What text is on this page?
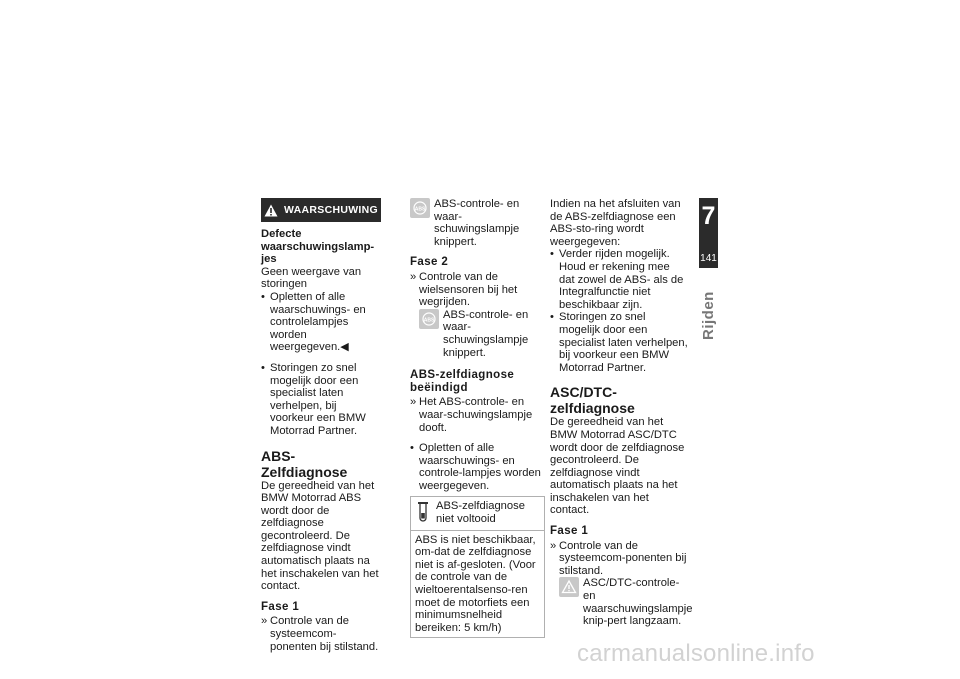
WAARSCHUWING

Defecte waarschuwingslamp-jes

Geen weergave van storingen

• Opletten of alle waarschuwings- en controlelampjes worden weergegeven.◀
• Storingen zo snel mogelijk door een specialist laten verhelpen, bij voorkeur een BMW Motorrad Partner.

ABS-Zelfdiagnose

De gereedheid van het BMW Motorrad ABS wordt door de zelfdiagnose gecontroleerd. De zelfdiagnose vindt automatisch plaats na het inschakelen van het contact.

Fase 1

» Controle van de systeemcom-ponenten bij stilstand.
ABS ABS-controle- en waar-schuwingslampje knippert.

Fase 2

» Controle van de wielsensoren bij het wegrijden.
ABS ABS-controle- en waar-schuwingslampje knippert.

ABS-zelfdiagnose beëindigd

» Het ABS-controle- en waar-schuwingslampje dooft.
• Opletten of alle waarschuwings- en controle-lampjes worden weergegeven.
ABS-zelfdiagnose niet voltooid
ABS is niet beschikbaar, om-dat de zelfdiagnose niet is af-gesloten. (Voor de controle van de wieltoerentalsenso-ren moet de motorfiets een minimumsnelheid bereiken: 5 km/h)

Indien na het afsluiten van de ABS-zelfdiagnose een ABS-sto-ring wordt weergegeven:

• Verder rijden mogelijk. Houd er rekening mee dat zowel de ABS- als de Integralfunctie niet beschikbaar zijn.
• Storingen zo snel mogelijk door een specialist laten verhelpen, bij voorkeur een BMW Motorrad Partner.

ASC/DTC-zelfdiagnose

De gereedheid van het BMW Motorrad ASC/DTC wordt door de zelfdiagnose gecontroleerd. De zelfdiagnose vindt automatisch plaats na het inschakelen van het contact.

Fase 1

» Controle van de systeemcom-ponenten bij stilstand.
ASC/DTC-controle- en waarschuwingslampje knip-pert langzaam.
7
141
Rijden
carmanualsonline.info
